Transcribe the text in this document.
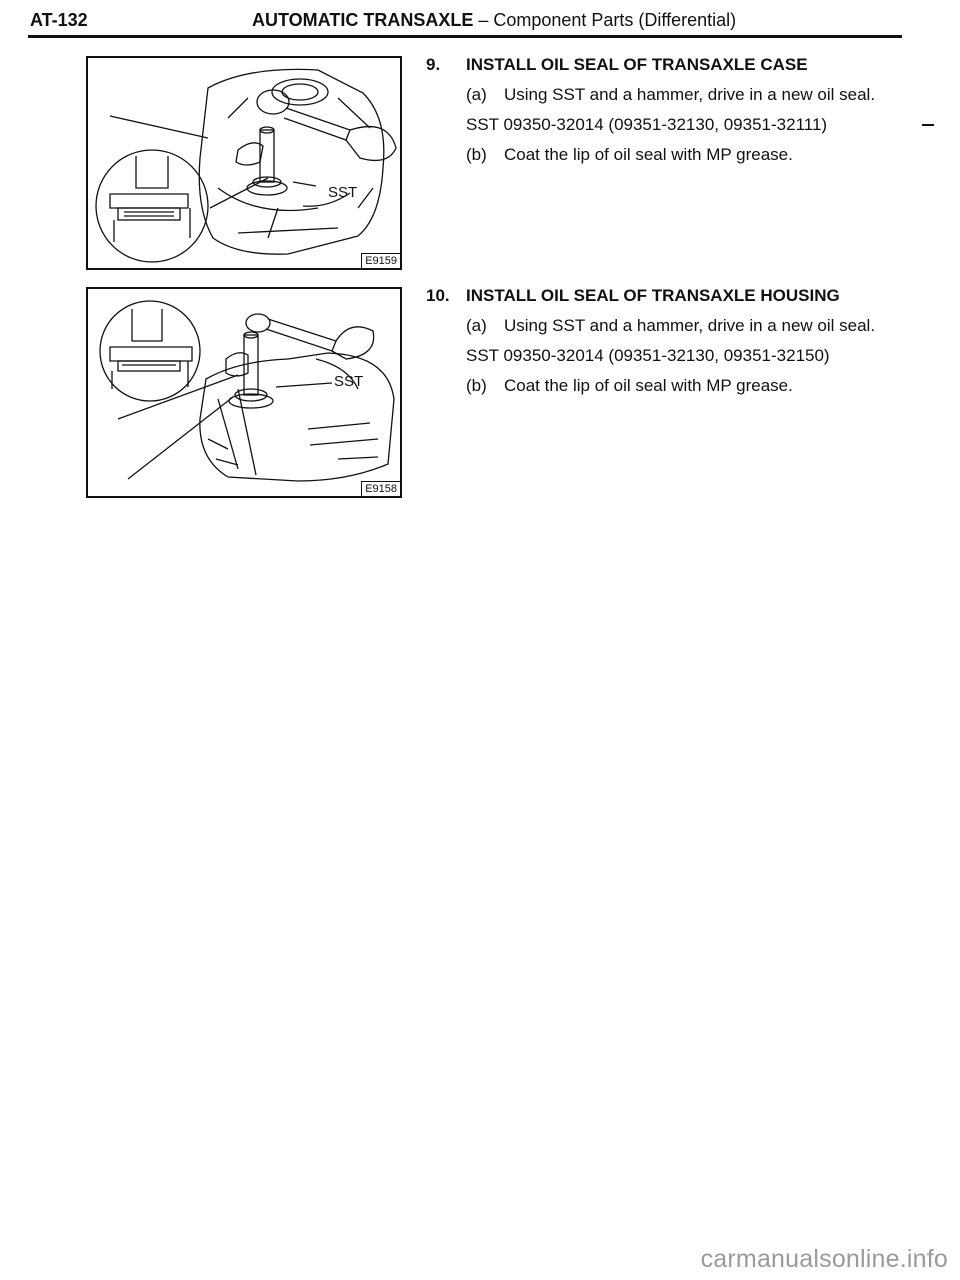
AT-132	AUTOMATIC TRANSAXLE – Component Parts (Differential)
SST
E9159
SST
E9158
9.	INSTALL OIL SEAL OF TRANSAXLE CASE
(a) Using SST and a hammer, drive in a new oil seal.
SST 09350-32014 (09351-32130, 09351-32111)
(b) Coat the lip of oil seal with MP grease.
10. INSTALL OIL SEAL OF TRANSAXLE HOUSING
(a) Using SST and a hammer, drive in a new oil seal.
SST 09350-32014 (09351-32130, 09351-32150)
(b) Coat the lip of oil seal with MP grease.
carmanualsonline.info
